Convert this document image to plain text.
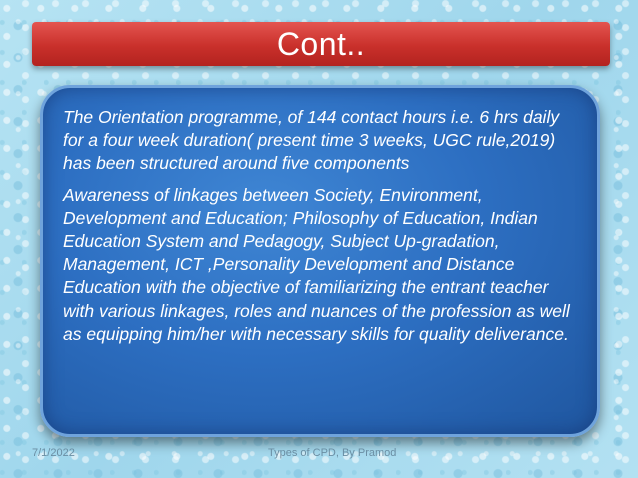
Cont..

The Orientation programme, of 144 contact hours i.e. 6 hrs daily for a four week duration( present time 3 weeks, UGC rule,2019) has been structured around five components

Awareness of linkages between Society, Environment, Development and Education; Philosophy of Education, Indian Education System and Pedagogy, Subject Up-gradation, Management, ICT ,Personality Development and Distance Education with the objective of familiarizing the entrant teacher with various linkages, roles and nuances of the profession as well as equipping him/her with necessary skills for quality deliverance.

7/1/2022	Types of CPD, By Pramod
